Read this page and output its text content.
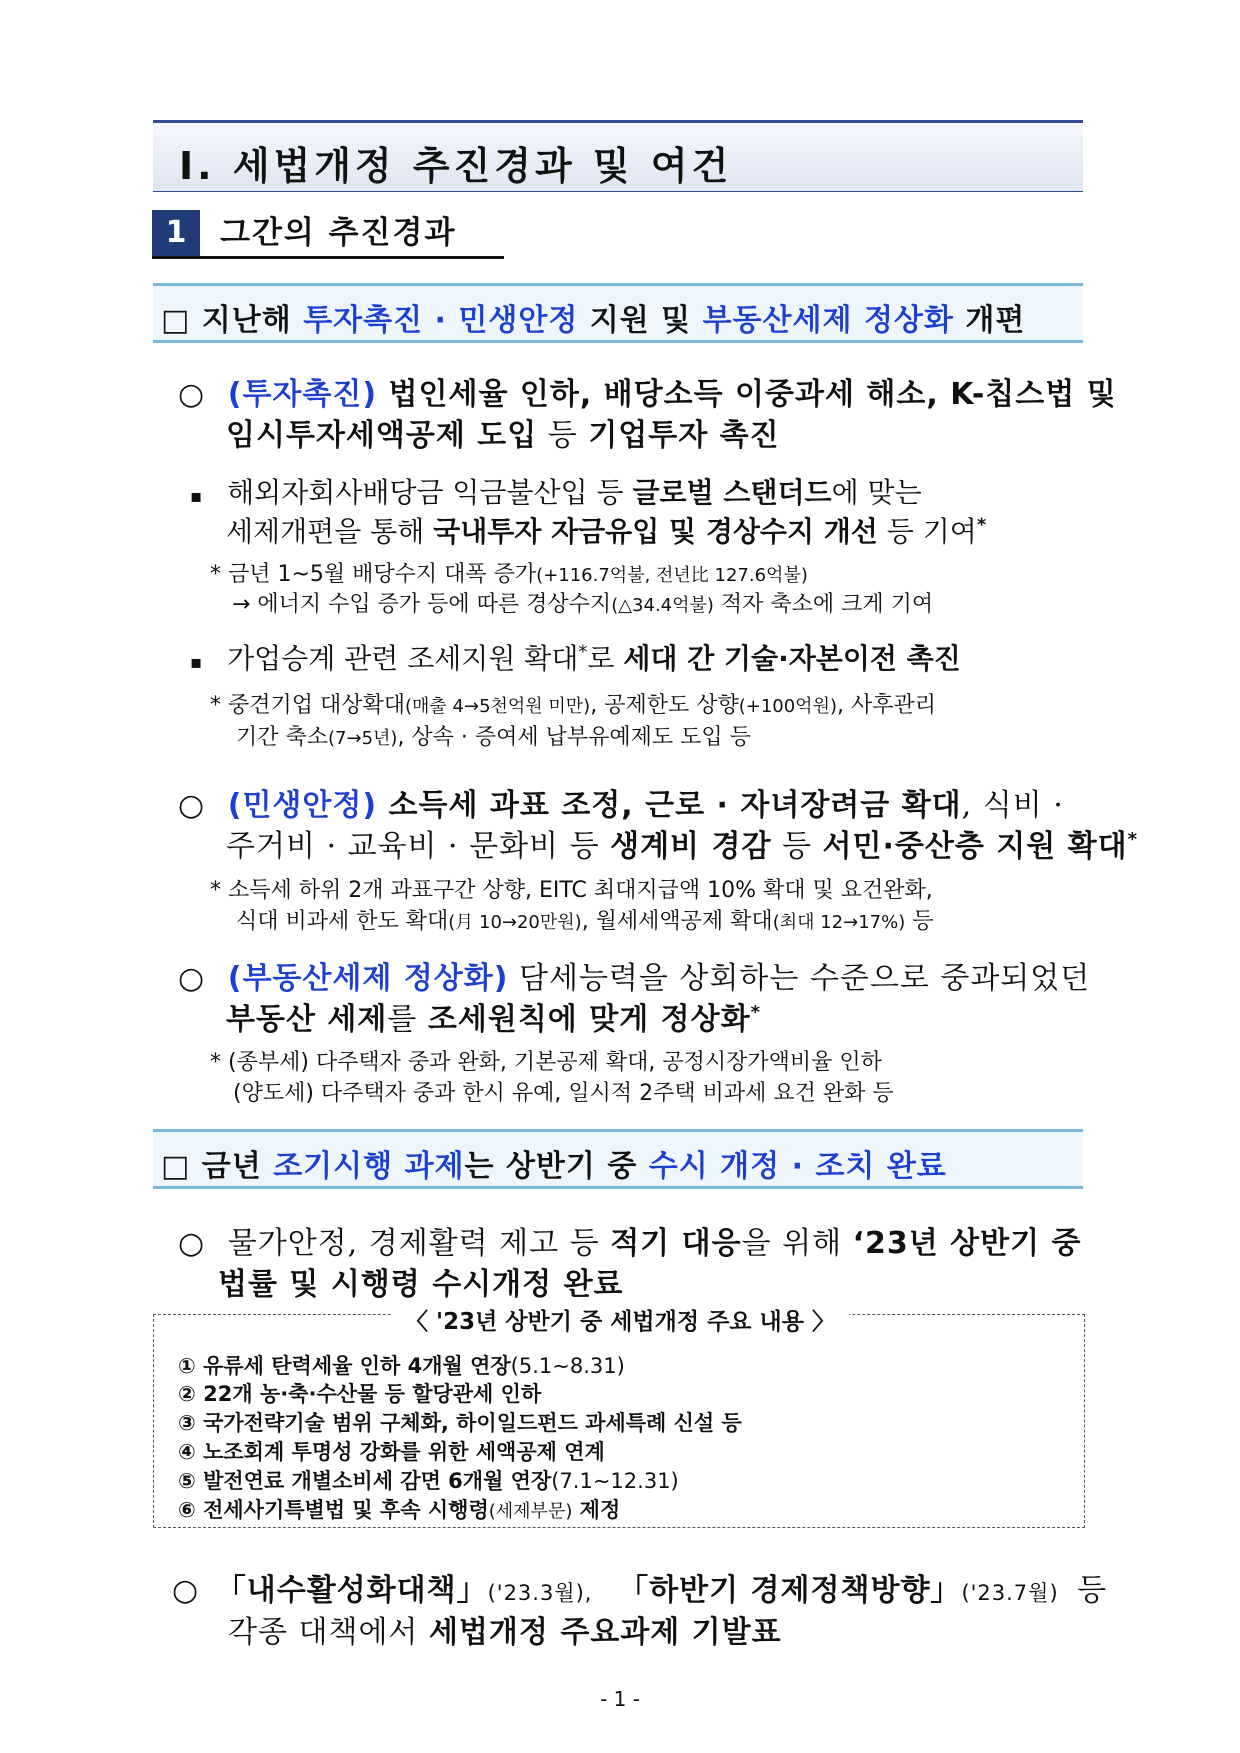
Ⅰ. 세법개정 추진경과 및 여건
1	그간의 추진경과
□ 지난해 투자촉진 · 민생안정 지원 및 부동산세제 정상화 개편
○ (투자촉진) 법인세율 인하, 배당소득 이중과세 해소, K-칩스법 및
임시투자세액공제 도입 등 기업투자 촉진
▪ 해외자회사배당금 익금불산입 등 글로벌 스탠더드에 맞는
세제개편을 통해 국내투자 자금유입 및 경상수지 개선 등 기여*
* 금년 1~5월 배당수지 대폭 증가(+116.7억불, 전년比 127.6억불)
→ 에너지 수입 증가 등에 따른 경상수지(△34.4억불) 적자 축소에 크게 기여
▪ 가업승계 관련 조세지원 확대*로 세대 간 기술·자본이전 촉진
* 중견기업 대상확대(매출 4→5천억원 미만), 공제한도 상향(+100억원), 사후관리
기간 축소(7→5년), 상속 · 증여세 납부유예제도 도입 등
○ (민생안정) 소득세 과표 조정, 근로 · 자녀장려금 확대, 식비 ·
주거비 · 교육비 · 문화비 등 생계비 경감 등 서민·중산층 지원 확대*
* 소득세 하위 2개 과표구간 상향, EITC 최대지급액 10% 확대 및 요건완화,
식대 비과세 한도 확대(月 10→20만원), 월세세액공제 확대(최대 12→17%) 등
○ (부동산세제 정상화) 담세능력을 상회하는 수준으로 중과되었던
부동산 세제를 조세원칙에 맞게 정상화*
* (종부세) 다주택자 중과 완화, 기본공제 확대, 공정시장가액비율 인하
(양도세) 다주택자 중과 한시 유예, 일시적 2주택 비과세 요건 완화 등
□ 금년 조기시행 과제는 상반기 중 수시 개정 · 조치 완료
○ 물가안정, 경제활력 제고 등 적기 대응을 위해 ‘23년 상반기 중
법률 및 시행령 수시개정 완료
〈 '23년 상반기 중 세법개정 주요 내용 〉
① 유류세 탄력세율 인하 4개월 연장(5.1∼8.31)
② 22개 농·축·수산물 등 할당관세 인하
③ 국가전략기술 범위 구체화, 하이일드펀드 과세특례 신설 등
④ 노조회계 투명성 강화를 위한 세액공제 연계
⑤ 발전연료 개별소비세 감면 6개월 연장(7.1∼12.31)
⑥ 전세사기특별법 및 후속 시행령(세제부문) 제정
○ 「내수활성화대책」('23.3월), 「하반기 경제정책방향」('23.7월) 등
각종 대책에서 세법개정 주요과제 기발표
- 1 -
